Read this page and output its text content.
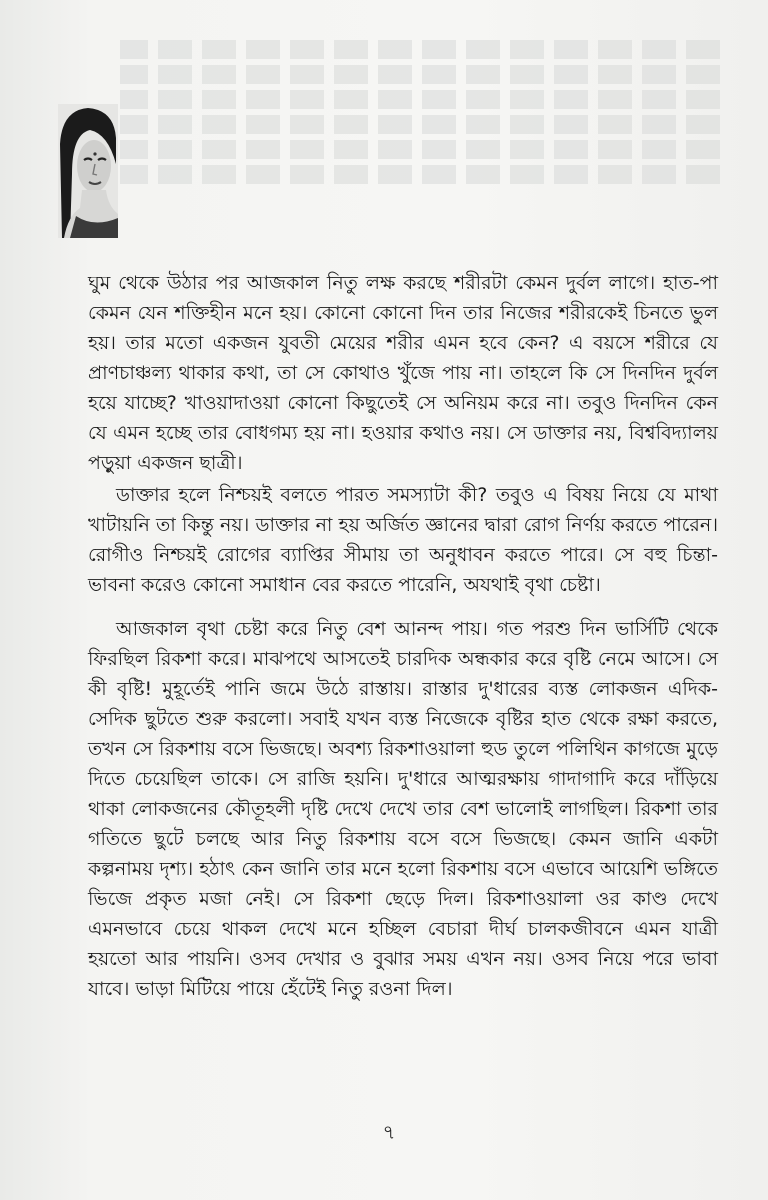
ঘুম থেকে উঠার পর আজকাল নিতু লক্ষ করছে শরীরটা কেমন দুর্বল লাগে। হাত-পা কেমন যেন শক্তিহীন মনে হয়। কোনো কোনো দিন তার নিজের শরীরকেই চিনতে ভুল হয়। তার মতো একজন যুবতী মেয়ের শরীর এমন হবে কেন? এ বয়সে শরীরে যে প্রাণচাঞ্চল্য থাকার কথা, তা সে কোথাও খুঁজে পায় না। তাহলে কি সে দিনদিন দুর্বল হয়ে যাচ্ছে? খাওয়াদাওয়া কোনো কিছুতেই সে অনিয়ম করে না। তবুও দিনদিন কেন যে এমন হচ্ছে তার বোধগম্য হয় না। হওয়ার কথাও নয়। সে ডাক্তার নয়, বিশ্ববিদ্যালয় পড়ুয়া একজন ছাত্রী।

ডাক্তার হলে নিশ্চয়ই বলতে পারত সমস্যাটা কী? তবুও এ বিষয় নিয়ে যে মাথা খাটায়নি তা কিন্তু নয়। ডাক্তার না হয় অর্জিত জ্ঞানের দ্বারা রোগ নির্ণয় করতে পারেন। রোগীও নিশ্চয়ই রোগের ব্যাপ্তির সীমায় তা অনুধাবন করতে পারে। সে বহু চিন্তা-ভাবনা করেও কোনো সমাধান বের করতে পারেনি, অযথাই বৃথা চেষ্টা।

আজকাল বৃথা চেষ্টা করে নিতু বেশ আনন্দ পায়। গত পরশু দিন ভার্সিটি থেকে ফিরছিল রিকশা করে। মাঝপথে আসতেই চারদিক অন্ধকার করে বৃষ্টি নেমে আসে। সে কী বৃষ্টি! মুহূর্তেই পানি জমে উঠে রাস্তায়। রাস্তার দু'ধারের ব্যস্ত লোকজন এদিক-সেদিক ছুটতে শুরু করলো। সবাই যখন ব্যস্ত নিজেকে বৃষ্টির হাত থেকে রক্ষা করতে, তখন সে রিকশায় বসে ভিজছে। অবশ্য রিকশাওয়ালা হুড তুলে পলিথিন কাগজে মুড়ে দিতে চেয়েছিল তাকে। সে রাজি হয়নি। দু'ধারে আত্মরক্ষায় গাদাগাদি করে দাঁড়িয়ে থাকা লোকজনের কৌতূহলী দৃষ্টি দেখে দেখে তার বেশ ভালোই লাগছিল। রিকশা তার গতিতে ছুটে চলছে আর নিতু রিকশায় বসে বসে ভিজছে। কেমন জানি একটা কল্পনাময় দৃশ্য। হঠাৎ কেন জানি তার মনে হলো রিকশায় বসে এভাবে আয়েশি ভঙ্গিতে ভিজে প্রকৃত মজা নেই। সে রিকশা ছেড়ে দিল। রিকশাওয়ালা ওর কাণ্ড দেখে এমনভাবে চেয়ে থাকল দেখে মনে হচ্ছিল বেচারা দীর্ঘ চালকজীবনে এমন যাত্রী হয়তো আর পায়নি। ওসব দেখার ও বুঝার সময় এখন নয়। ওসব নিয়ে পরে ভাবা যাবে। ভাড়া মিটিয়ে পায়ে হেঁটেই নিতু রওনা দিল।

৭
